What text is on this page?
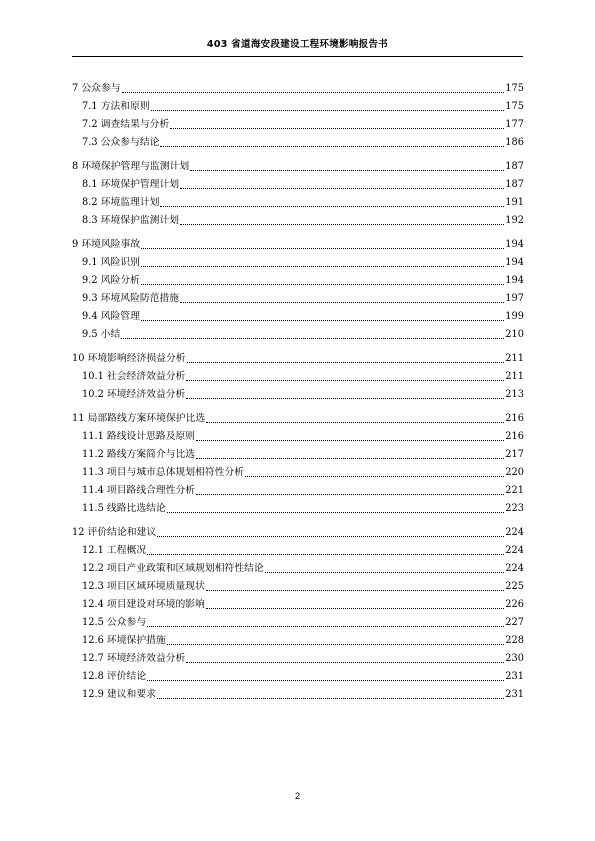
403 省道海安段建设工程环境影响报告书
7 公众参与	175
7.1 方法和原则	175
7.2 调查结果与分析	177
7.3 公众参与结论	186
8 环境保护管理与监测计划	187
8.1 环境保护管理计划	187
8.2 环境监理计划	191
8.3 环境保护监测计划	192
9 环境风险事故	194
9.1 风险识别	194
9.2 风险分析	194
9.3 环境风险防范措施	197
9.4 风险管理	199
9.5 小结	210
10 环境影响经济损益分析	211
10.1 社会经济效益分析	211
10.2 环境经济效益分析	213
11 局部路线方案环境保护比选	216
11.1 路线设计思路及原则	216
11.2 路线方案简介与比选	217
11.3 项目与城市总体规划相符性分析	220
11.4 项目路线合理性分析	221
11.5 线路比选结论	223
12 评价结论和建议	224
12.1 工程概况	224
12.2 项目产业政策和区域规划相符性结论	224
12.3 项目区域环境质量现状	225
12.4 项目建设对环境的影响	226
12.5 公众参与	227
12.6 环境保护措施	228
12.7 环境经济效益分析	230
12.8 评价结论	231
12.9 建议和要求	231
2
